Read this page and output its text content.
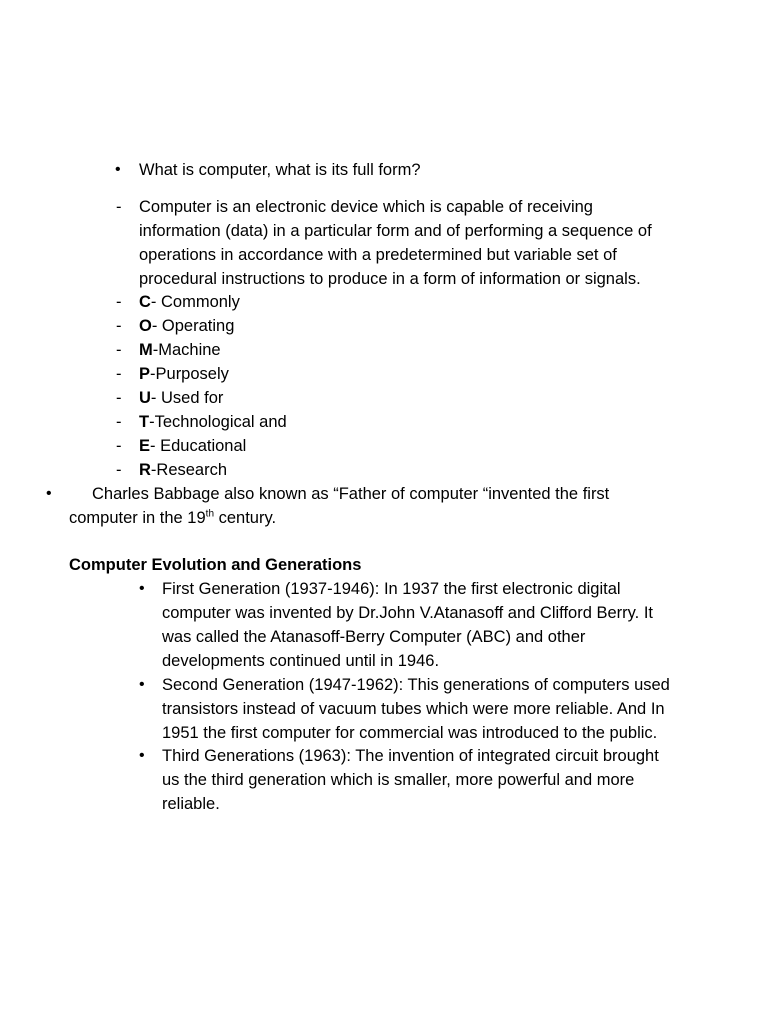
• What is computer, what is its full form?
- Computer is an electronic device which is capable of receiving
information (data) in a particular form and of performing a sequence of
operations in accordance with a predetermined but variable set of
procedural instructions to produce in a form of information or signals.
- C- Commonly
- O- Operating
- M-Machine
- P-Purposely
- U- Used for
- T-Technological and
- E- Educational
- R-Research
• Charles Babbage also known as “Father of computer “invented the first
computer in the 19th century.
Computer Evolution and Generations
• First Generation (1937-1946): In 1937 the first electronic digital
computer was invented by Dr.John V.Atanasoff and Clifford Berry. It
was called the Atanasoff-Berry Computer (ABC) and other
developments continued until in 1946.
• Second Generation (1947-1962): This generations of computers used
transistors instead of vacuum tubes which were more reliable. And In
1951 the first computer for commercial was introduced to the public.
• Third Generations (1963): The invention of integrated circuit brought
us the third generation which is smaller, more powerful and more
reliable.
